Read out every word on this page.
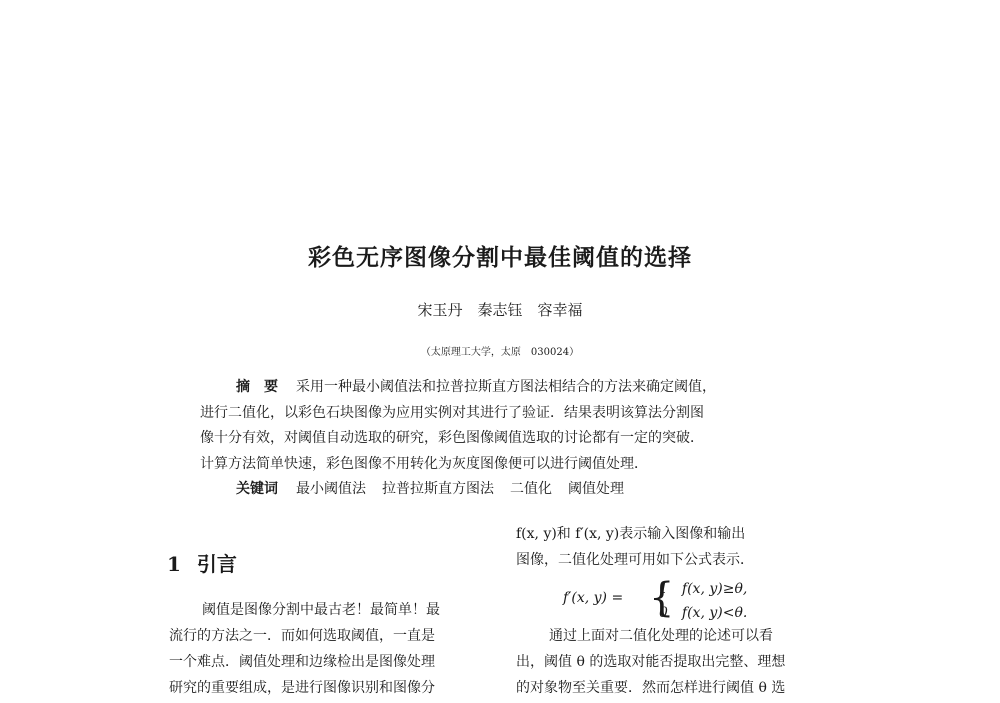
彩色无序图像分割中最佳阈值的选择
宋玉丹　秦志钰　容幸福
（太原理工大学，太原　030024）
摘　要 采用一种最小阈值法和拉普拉斯直方图法相结合的方法来确定阈值，
进行二值化，以彩色石块图像为应用实例对其进行了验证．结果表明该算法分割图
像十分有效，对阈值自动选取的研究，彩色图像阈值选取的讨论都有一定的突破．
计算方法简单快速，彩色图像不用转化为灰度图像便可以进行阈值处理．
关键词 最小阈值法 拉普拉斯直方图法 二值化 阈值处理
1 引言
阈值是图像分割中最古老！最简单！最
流行的方法之一．而如何选取阈值，一直是
一个难点．阈值处理和边缘检出是图像处理
研究的重要组成，是进行图像识别和图像分
f(x, y)和 f′(x, y)表示输入图像和输出
图像，二值化处理可用如下公式表示．
f′(x, y) = {
1　f(x, y)≥θ,
0　f(x, y)<θ.
通过上面对二值化处理的论述可以看
出，阈值 θ 的选取对能否提取出完整、理想
的对象物至关重要．然而怎样进行阈值 θ 选
